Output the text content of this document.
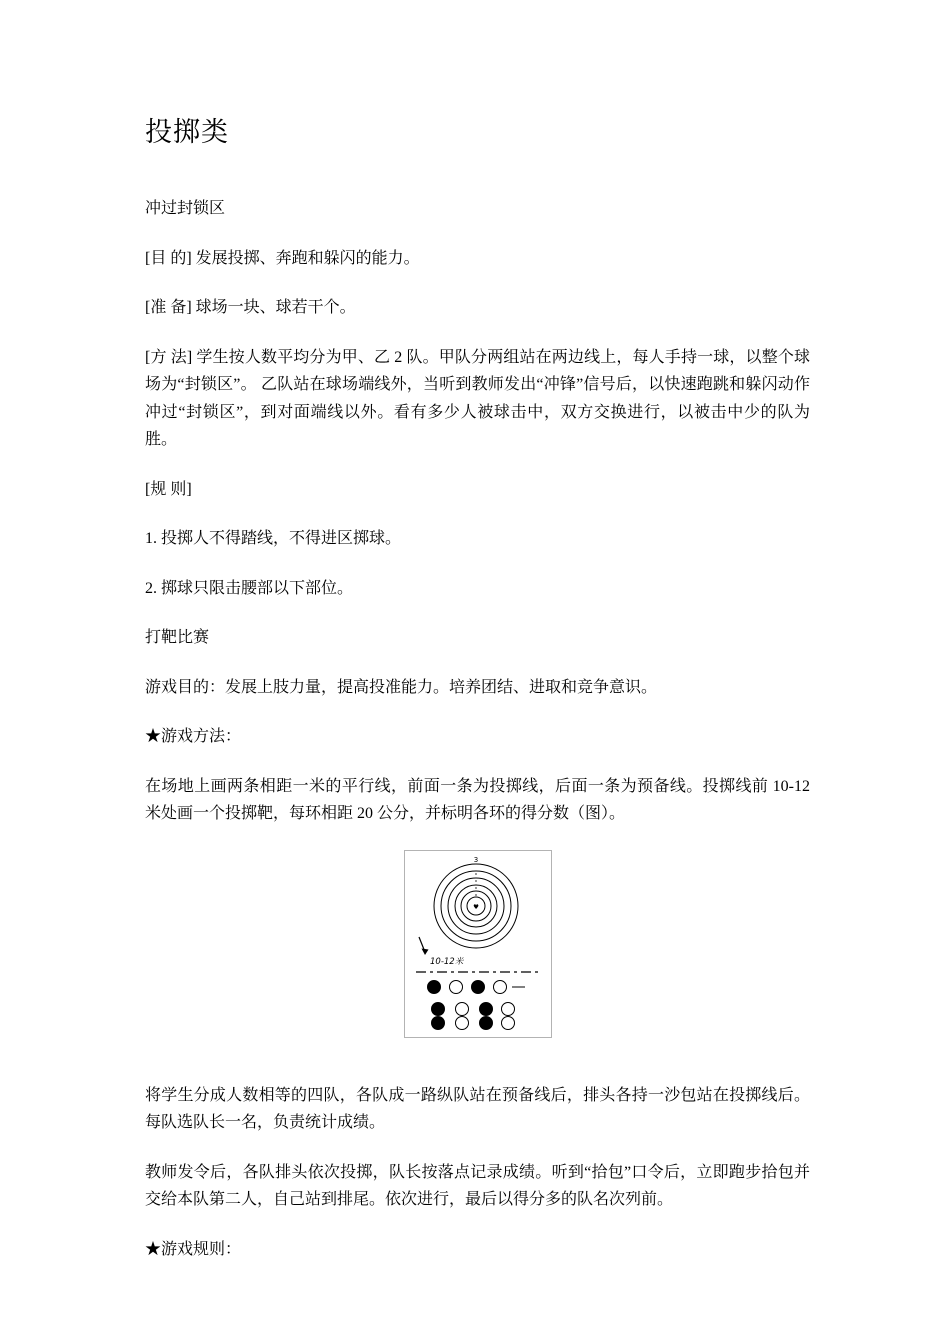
投掷类

冲过封锁区

[目 的] 发展投掷、奔跑和躲闪的能力。

[准 备] 球场一块、球若干个。

[方 法] 学生按人数平均分为甲、乙 2 队。甲队分两组站在两边线上，每人手持一球，以整个球场为“封锁区”。 乙队站在球场端线外，当听到教师发出“冲锋”信号后，以快速跑跳和躲闪动作冲过“封锁区”，到对面端线以外。看有多少人被球击中，双方交换进行，以被击中少的队为胜。

[规 则]

1. 投掷人不得踏线，不得进区掷球。

2. 掷球只限击腰部以下部位。

打靶比赛

游戏目的：发展上肢力量，提高投准能力。培养团结、进取和竞争意识。

★游戏方法：

在场地上画两条相距一米的平行线，前面一条为投掷线，后面一条为预备线。投掷线前 10-12 米处画一个投掷靶，每环相距 20 公分，并标明各环的得分数（图）。

3
♥
10-12米

将学生分成人数相等的四队，各队成一路纵队站在预备线后，排头各持一沙包站在投掷线后。每队选队长一名，负责统计成绩。

教师发令后，各队排头依次投掷，队长按落点记录成绩。听到“拾包”口令后，立即跑步拾包并交给本队第二人，自己站到排尾。依次进行，最后以得分多的队名次列前。

★游戏规则：
